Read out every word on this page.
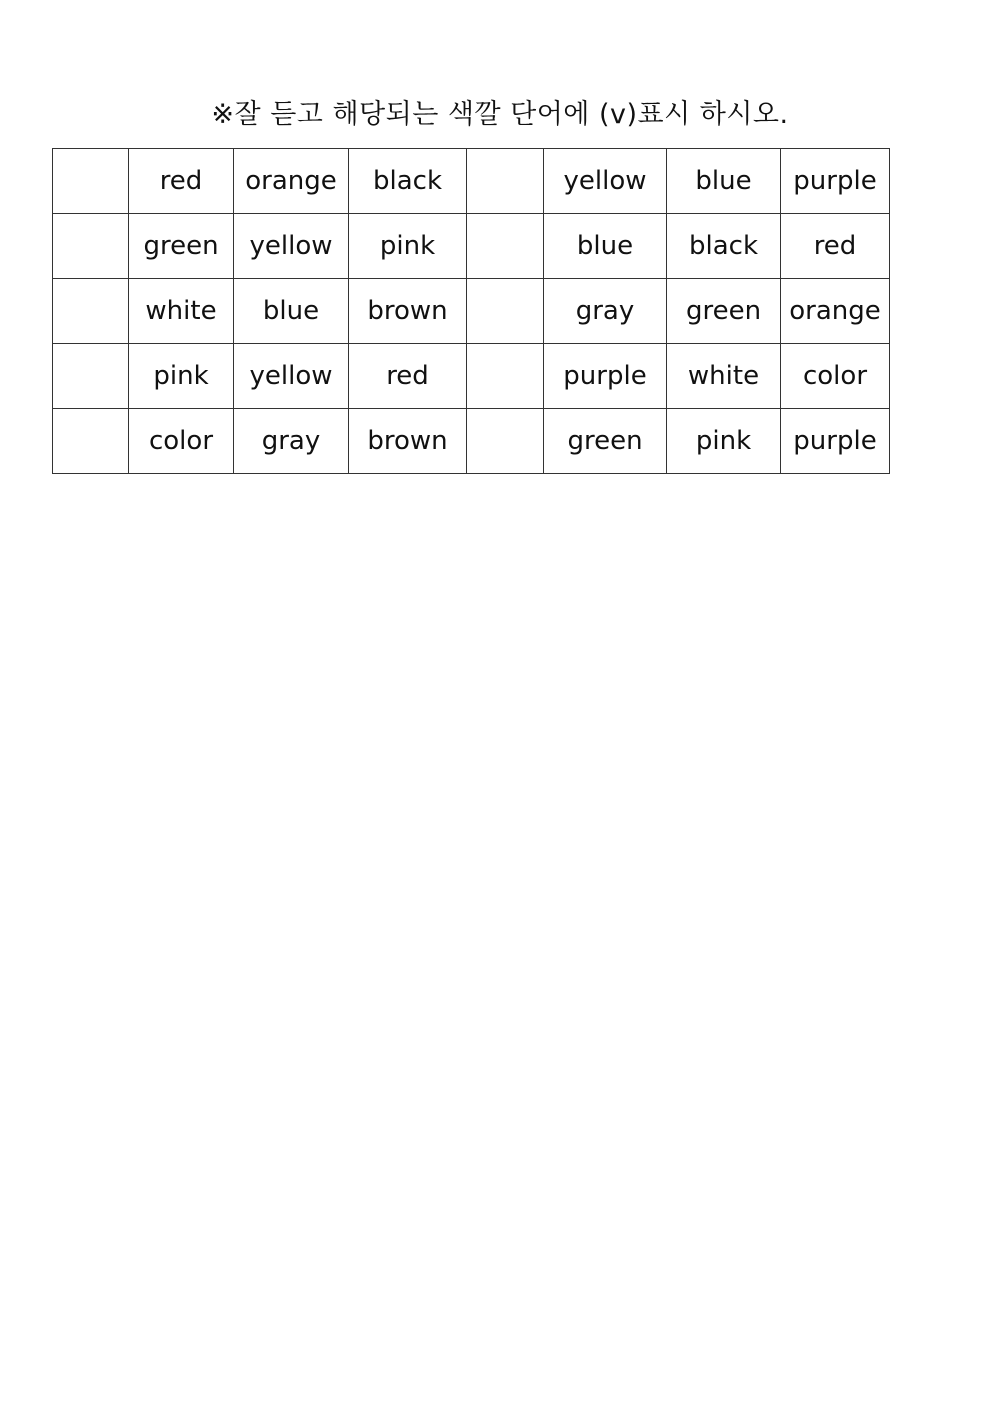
※잘 듣고 해당되는 색깔 단어에 (v)표시 하시오.
	red	orange	black		yellow	blue	purple
	green	yellow	pink		blue	black	red
	white	blue	brown		gray	green	orange
	pink	yellow	red		purple	white	color
	color	gray	brown		green	pink	purple
